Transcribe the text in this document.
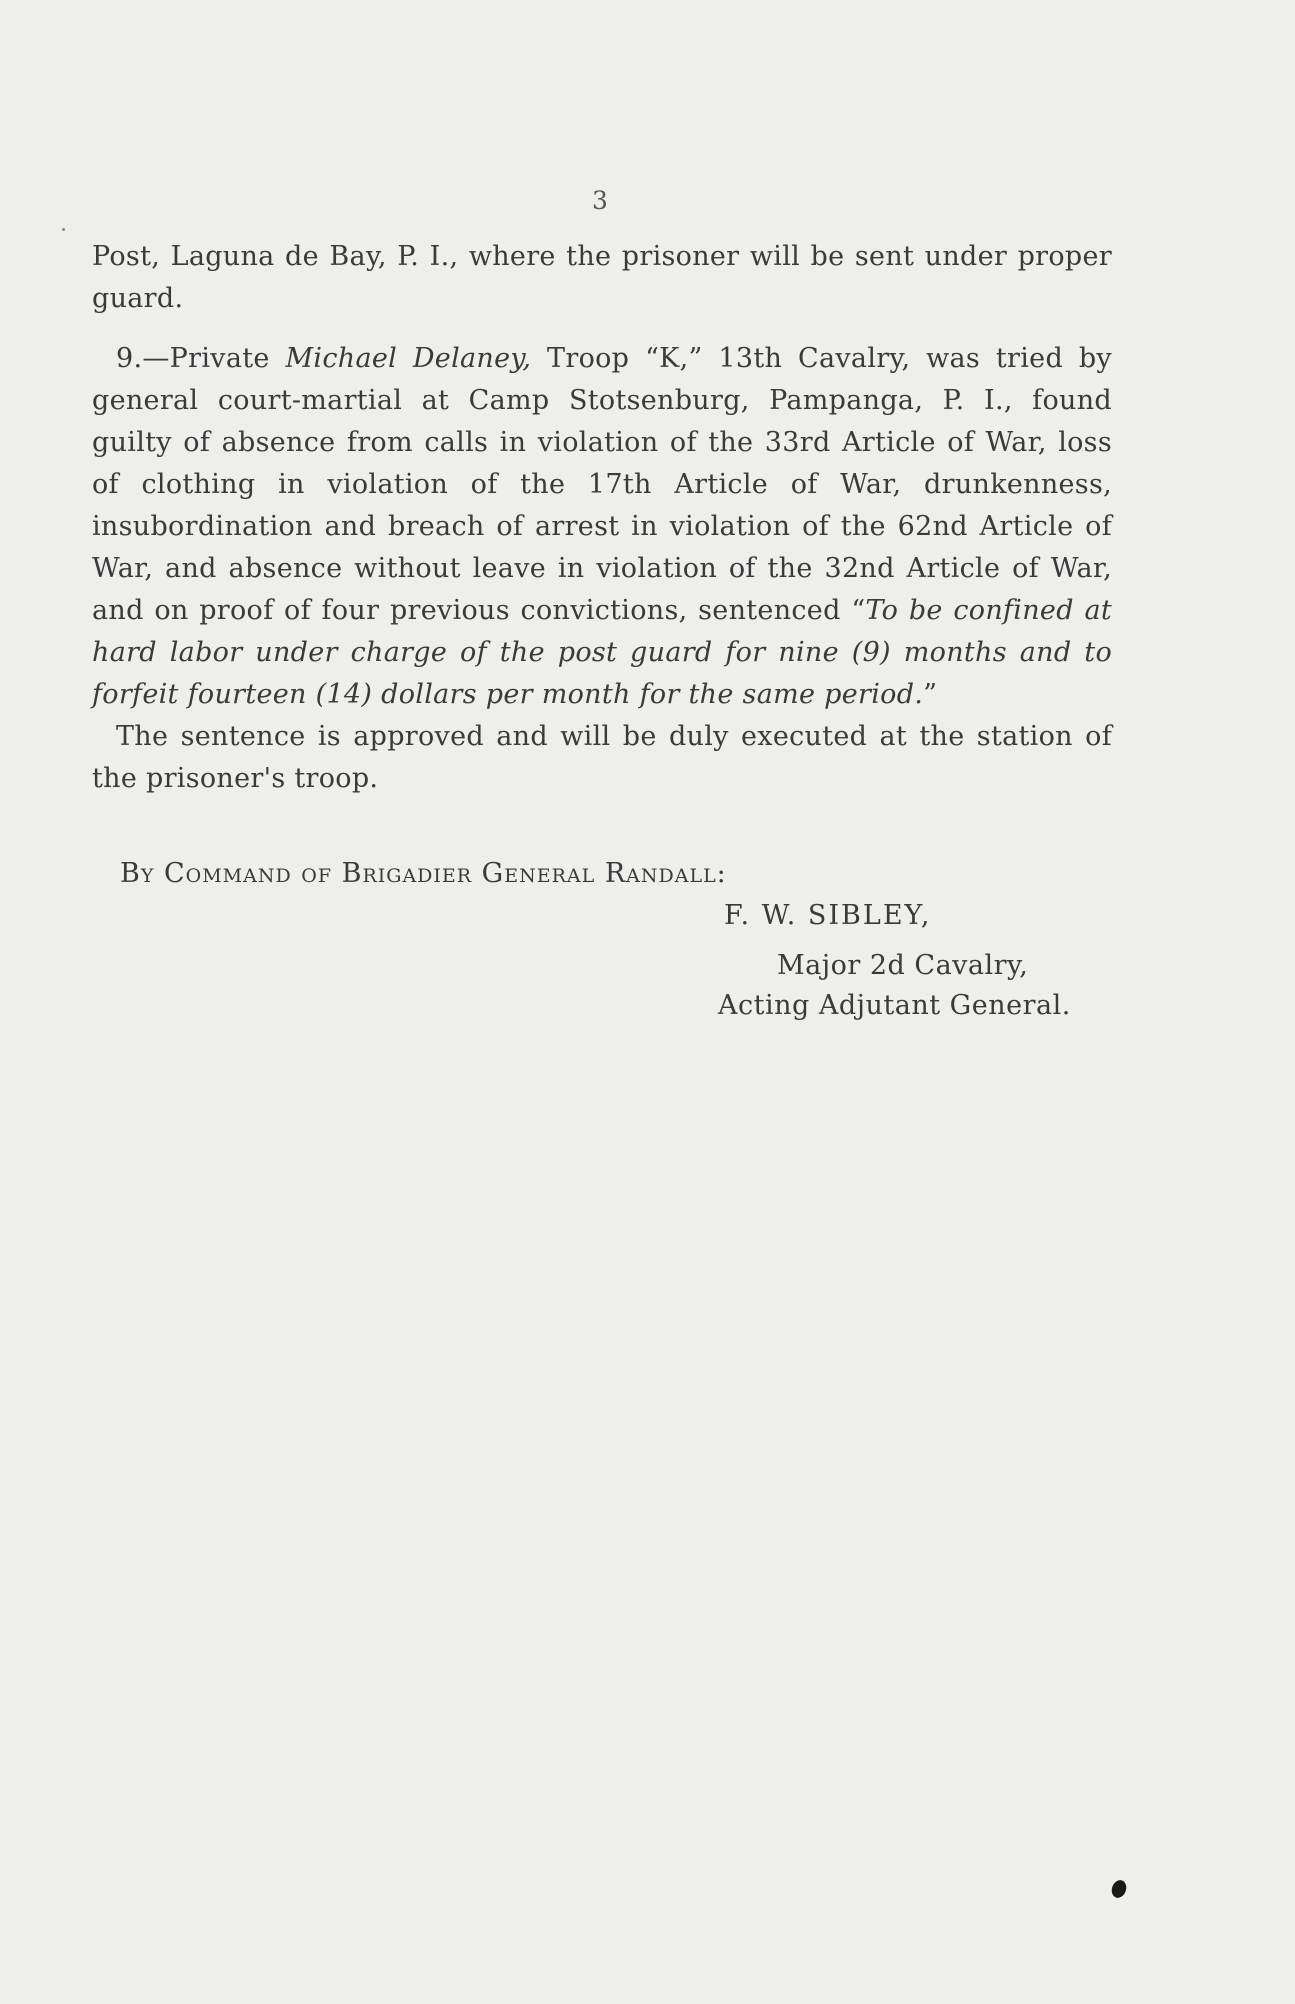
3

Post, Laguna de Bay, P. I., where the prisoner will be sent under proper guard.

9.—Private Michael Delaney, Troop “K,” 13th Cavalry, was tried by general court-martial at Camp Stotsenburg, Pampanga, P. I., found guilty of absence from calls in violation of the 33rd Article of War, loss of clothing in violation of the 17th Article of War, drunkenness, insubordination and breach of arrest in violation of the 62nd Article of War, and absence without leave in violation of the 32nd Article of War, and on proof of four previous convictions, sentenced “To be confined at hard labor under charge of the post guard for nine (9) months and to forfeit fourteen (14) dollars per month for the same period.”

The sentence is approved and will be duly executed at the station of the prisoner's troop.

By Command of Brigadier General Randall:
F. W. SIBLEY,
Major 2d Cavalry,
Acting Adjutant General.
